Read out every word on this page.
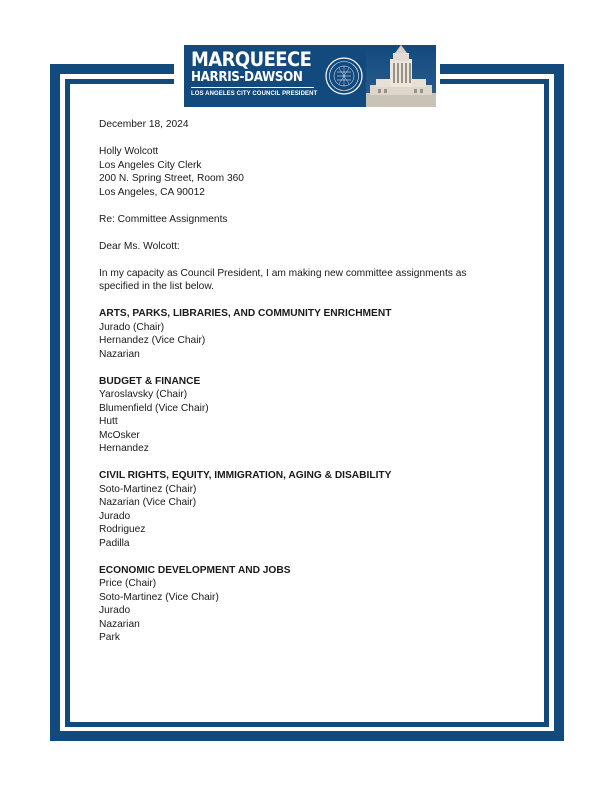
MARQUEECE
HARRIS-DAWSON
LOS ANGELES CITY COUNCIL PRESIDENT

December 18, 2024

Holly Wolcott
Los Angeles City Clerk
200 N. Spring Street, Room 360
Los Angeles, CA 90012

Re: Committee Assignments

Dear Ms. Wolcott:

In my capacity as Council President, I am making new committee assignments as
specified in the list below.

ARTS, PARKS, LIBRARIES, AND COMMUNITY ENRICHMENT
Jurado (Chair)
Hernandez (Vice Chair)
Nazarian
BUDGET & FINANCE
Yaroslavsky (Chair)
Blumenfield (Vice Chair)
Hutt
McOsker
Hernandez
CIVIL RIGHTS, EQUITY, IMMIGRATION, AGING & DISABILITY
Soto-Martinez (Chair)
Nazarian (Vice Chair)
Jurado
Rodriguez
Padilla
ECONOMIC DEVELOPMENT AND JOBS
Price (Chair)
Soto-Martinez (Vice Chair)
Jurado
Nazarian
Park
